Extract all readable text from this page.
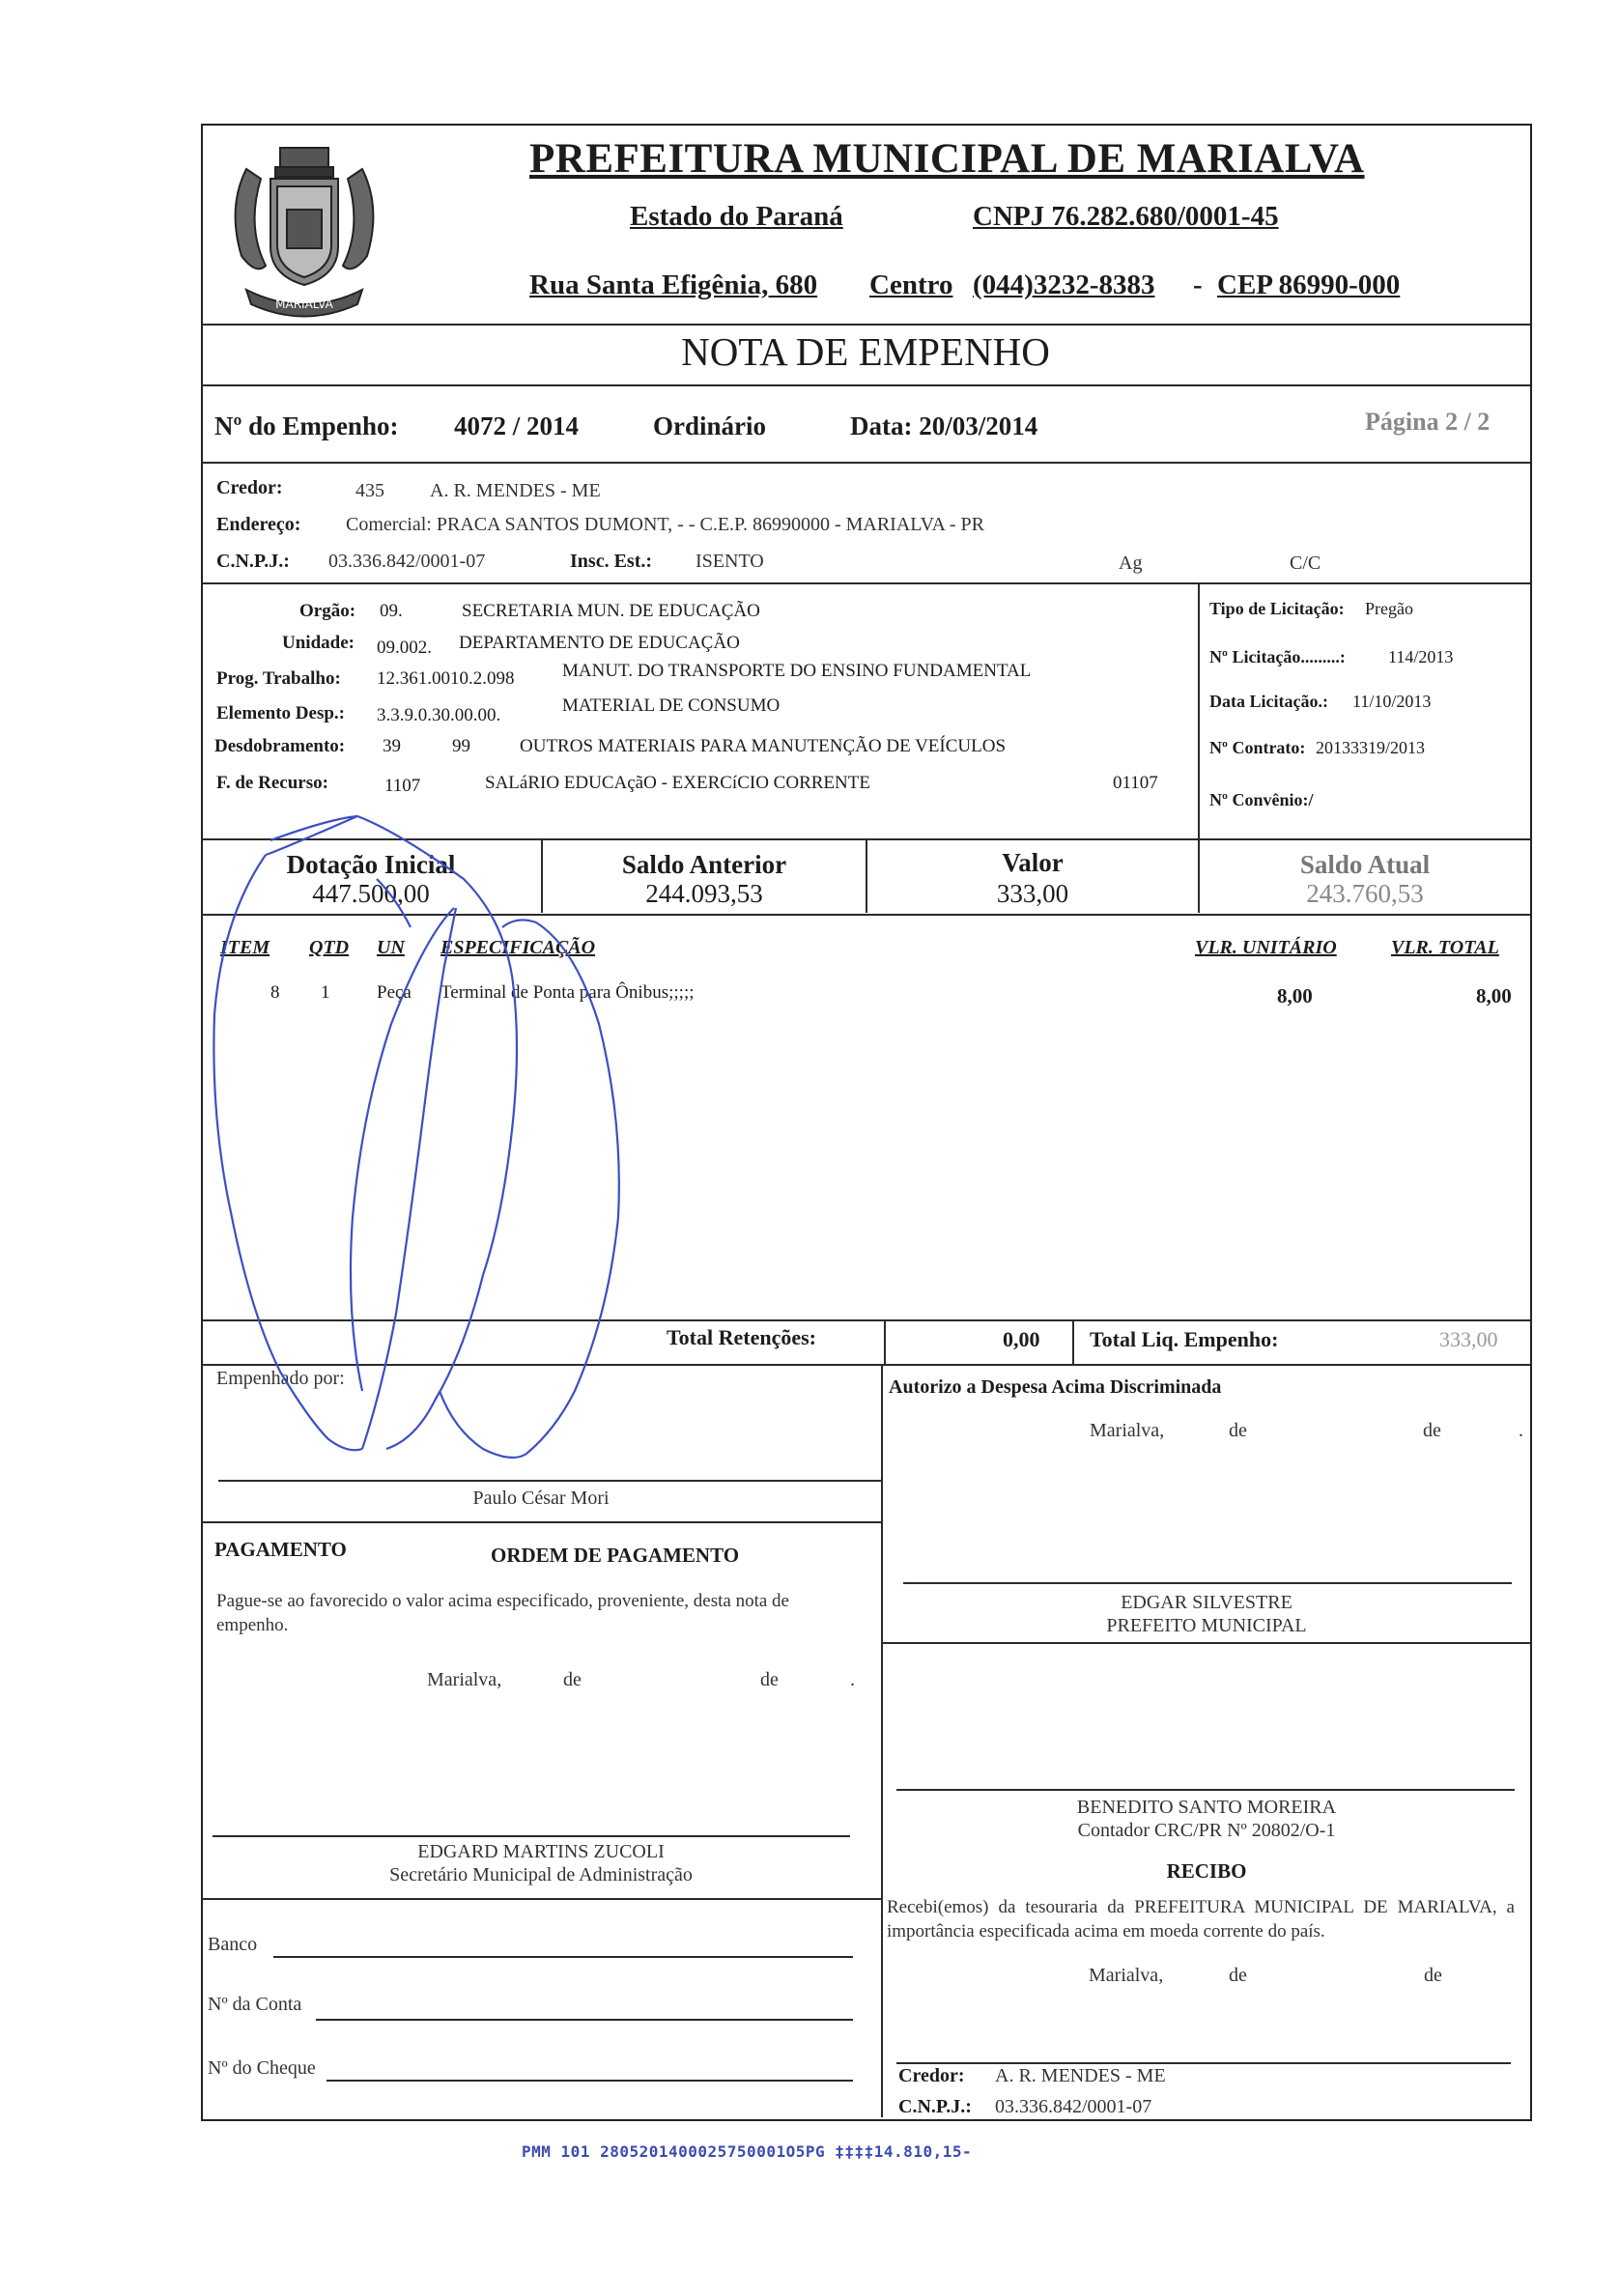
MARIALVA
PREFEITURA MUNICIPAL DE MARIALVA
Estado do Paraná	CNPJ 76.282.680/0001-45
Rua Santa Efigênia, 680 Centro (044)3232-8383 - CEP 86990-000
NOTA DE EMPENHO
Nº do Empenho: 4072 / 2014	Ordinário	Data: 20/03/2014	Página 2 / 2
Credor:	435 A. R. MENDES - ME
Endereço: Comercial: PRACA SANTOS DUMONT, - - C.E.P. 86990000 - MARIALVA - PR
C.N.P.J.: 03.336.842/0001-07	Insc. Est.: ISENTO	Ag	C/C
Orgão: 09.	SECRETARIA MUN. DE EDUCAÇÃO
Unidade: 09.002. DEPARTAMENTO DE EDUCAÇÃO
Prog. Trabalho: 12.361.0010.2.098	MANUT. DO TRANSPORTE DO ENSINO FUNDAMENTAL
Elemento Desp.: 3.3.9.0.30.00.00.	MATERIAL DE CONSUMO
Desdobramento: 39	99	OUTROS MATERIAIS PARA MANUTENÇÃO DE VEÍCULOS
F. de Recurso:	1107	SALáRIO EDUCAçãO - EXERCíCIO CORRENTE	01107
Tipo de Licitação: Pregão
Nº Licitação.........: 114/2013
Data Licitação.: 11/10/2013
Nº Contrato: 20133319/2013
Nº Convênio:/
Dotação Inicial
447.500,00
Saldo Anterior
244.093,53
Valor
333,00
Saldo Atual
243.760,53
ITEM QTD UN ESPECIFICAÇÃO	VLR. UNITÁRIO	VLR. TOTAL
8 1	Peça Terminal de Ponta para Ônibus;;;;;	8,00	8,00
Total Retenções:	0,00 Total Liq. Empenho:	333,00
Empenhado por:	Autorizo a Despesa Acima Discriminada
Marialva,	de	de	.
Paulo César Mori
PAGAMENTO	ORDEM DE PAGAMENTO
Pague-se ao favorecido o valor acima especificado, proveniente, desta nota de empenho.
Marialva,	de	de	.
EDGAR SILVESTRE
PREFEITO MUNICIPAL
BENEDITO SANTO MOREIRA
Contador CRC/PR Nº 20802/O-1
EDGARD MARTINS ZUCOLI
Secretário Municipal de Administração	RECIBO
Recebi(emos) da tesouraria da PREFEITURA MUNICIPAL DE MARIALVA, a importância especificada acima em moeda corrente do país.
Marialva,	de	de
Banco
Nº da Conta
Nº do Cheque	Credor: A. R. MENDES - ME
C.N.P.J.: 03.336.842/0001-07
PMM 101 2805201400025750001O5PG ‡‡‡‡14.810,15-
